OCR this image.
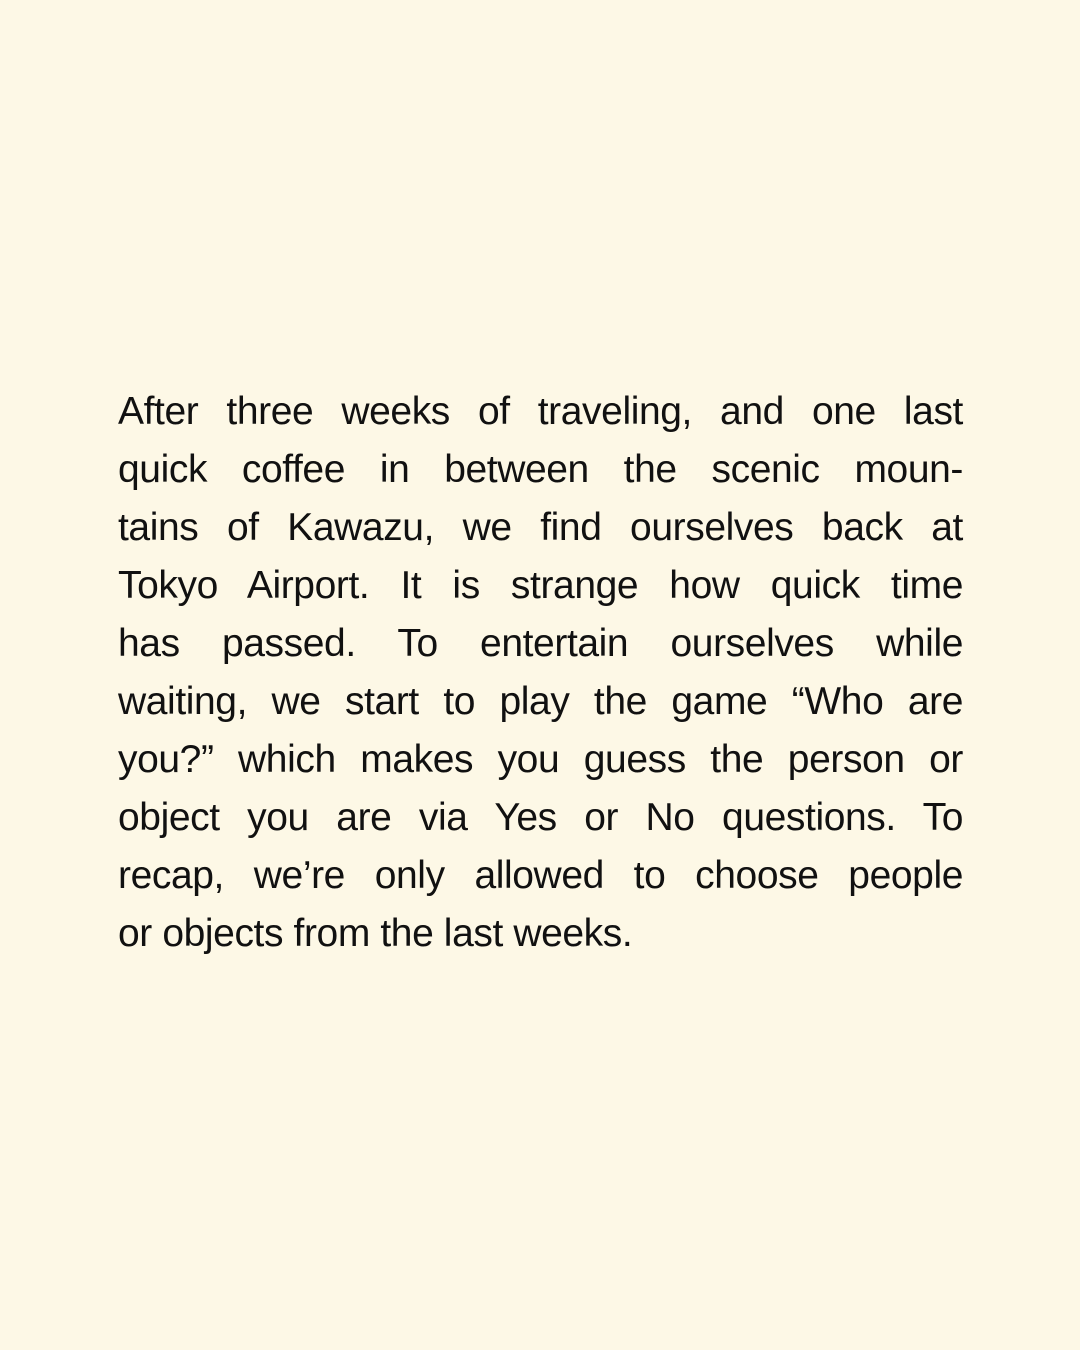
After three weeks of traveling, and one last
quick coffee in between the scenic moun-
tains of Kawazu, we find ourselves back at
Tokyo Airport. It is strange how quick time
has passed. To entertain ourselves while
waiting, we start to play the game “Who are
you?” which makes you guess the person or
object you are via Yes or No questions. To
recap, we’re only allowed to choose people
or objects from the last weeks.
